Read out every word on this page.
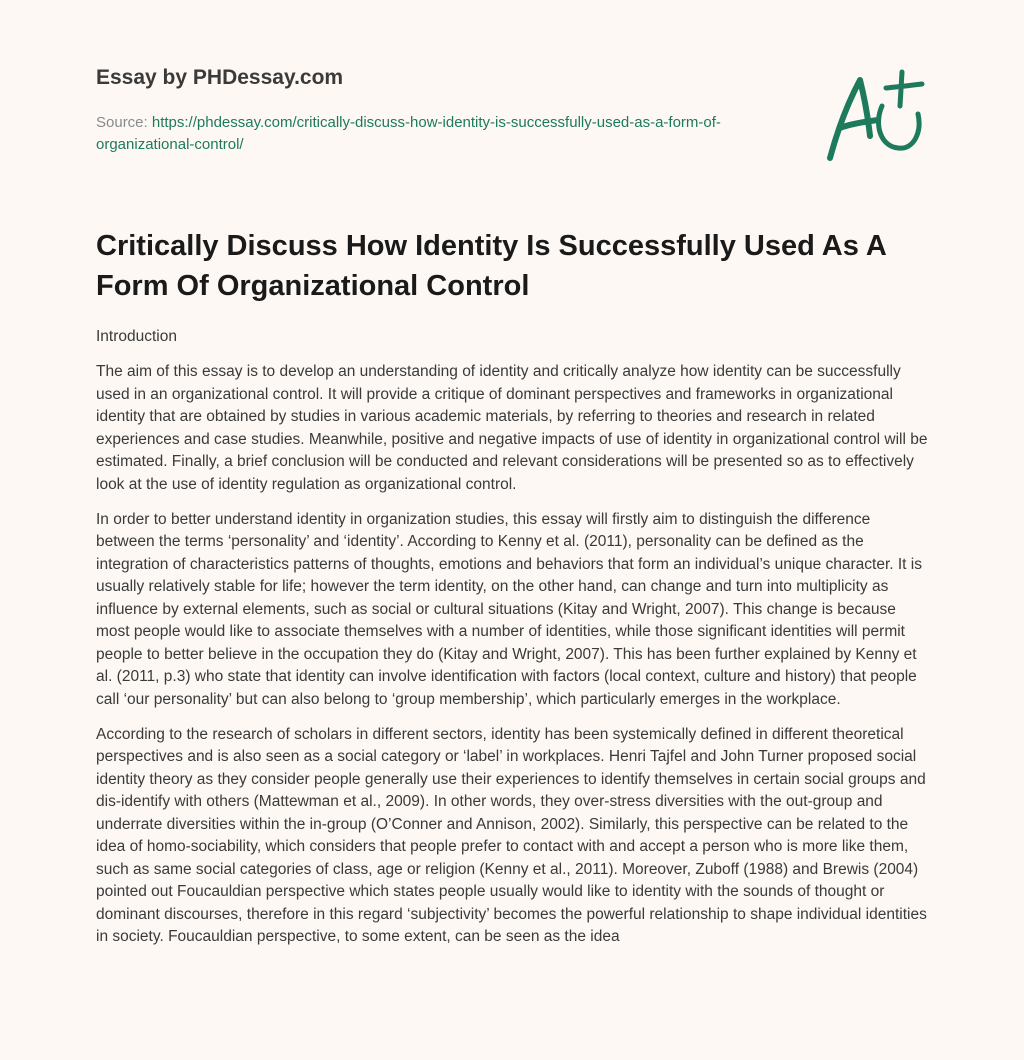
Essay by PHDessay.com
Source: https://phdessay.com/critically-discuss-how-identity-is-successfully-used-as-a-form-of-organizational-control/
Critically Discuss How Identity Is Successfully Used As A Form Of Organizational Control

Introduction

The aim of this essay is to develop an understanding of identity and critically analyze how identity can be successfully used in an organizational control. It will provide a critique of dominant perspectives and frameworks in organizational identity that are obtained by studies in various academic materials, by referring to theories and research in related experiences and case studies. Meanwhile, positive and negative impacts of use of identity in organizational control will be estimated. Finally, a brief conclusion will be conducted and relevant considerations will be presented so as to effectively look at the use of identity regulation as organizational control.

In order to better understand identity in organization studies, this essay will firstly aim to distinguish the difference between the terms ‘personality’ and ‘identity’. According to Kenny et al. (2011), personality can be defined as the integration of characteristics patterns of thoughts, emotions and behaviors that form an individual’s unique character. It is usually relatively stable for life; however the term identity, on the other hand, can change and turn into multiplicity as influence by external elements, such as social or cultural situations (Kitay and Wright, 2007). This change is because most people would like to associate themselves with a number of identities, while those significant identities will permit people to better believe in the occupation they do (Kitay and Wright, 2007). This has been further explained by Kenny et al. (2011, p.3) who state that identity can involve identification with factors (local context, culture and history) that people call ‘our personality’ but can also belong to ‘group membership’, which particularly emerges in the workplace.

According to the research of scholars in different sectors, identity has been systemically defined in different theoretical perspectives and is also seen as a social category or ‘label’ in workplaces. Henri Tajfel and John Turner proposed social identity theory as they consider people generally use their experiences to identify themselves in certain social groups and dis-identify with others (Mattewman et al., 2009). In other words, they over-stress diversities with the out-group and underrate diversities within the in-group (O’Conner and Annison, 2002). Similarly, this perspective can be related to the idea of homo-sociability, which considers that people prefer to contact with and accept a person who is more like them, such as same social categories of class, age or religion (Kenny et al., 2011). Moreover, Zuboff (1988) and Brewis (2004) pointed out Foucauldian perspective which states people usually would like to identity with the sounds of thought or dominant discourses, therefore in this regard ‘subjectivity’ becomes the powerful relationship to shape individual identities in society. Foucauldian perspective, to some extent, can be seen as the idea
